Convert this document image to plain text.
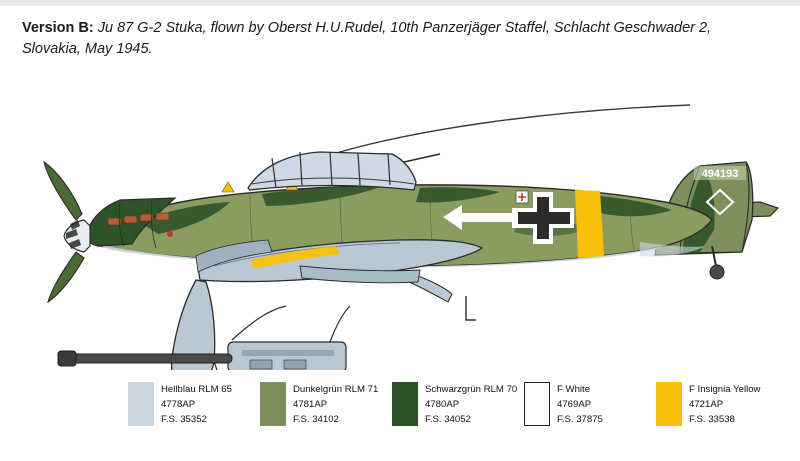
Version B: Ju 87 G-2 Stuka, flown by Oberst H.U.Rudel, 10th Panzerjäger Staffel, Schlacht Geschwader 2, Slovakia, May 1945.
494193
Hellblau RLM 65
4778AP
F.S. 35352
Dunkelgrün RLM 71
4781AP
F.S. 34102
Schwarzgrün RLM 70
4780AP
F.S. 34052
F White
4769AP
F.S. 37875
F Insignia Yellow
4721AP
F.S. 33538
